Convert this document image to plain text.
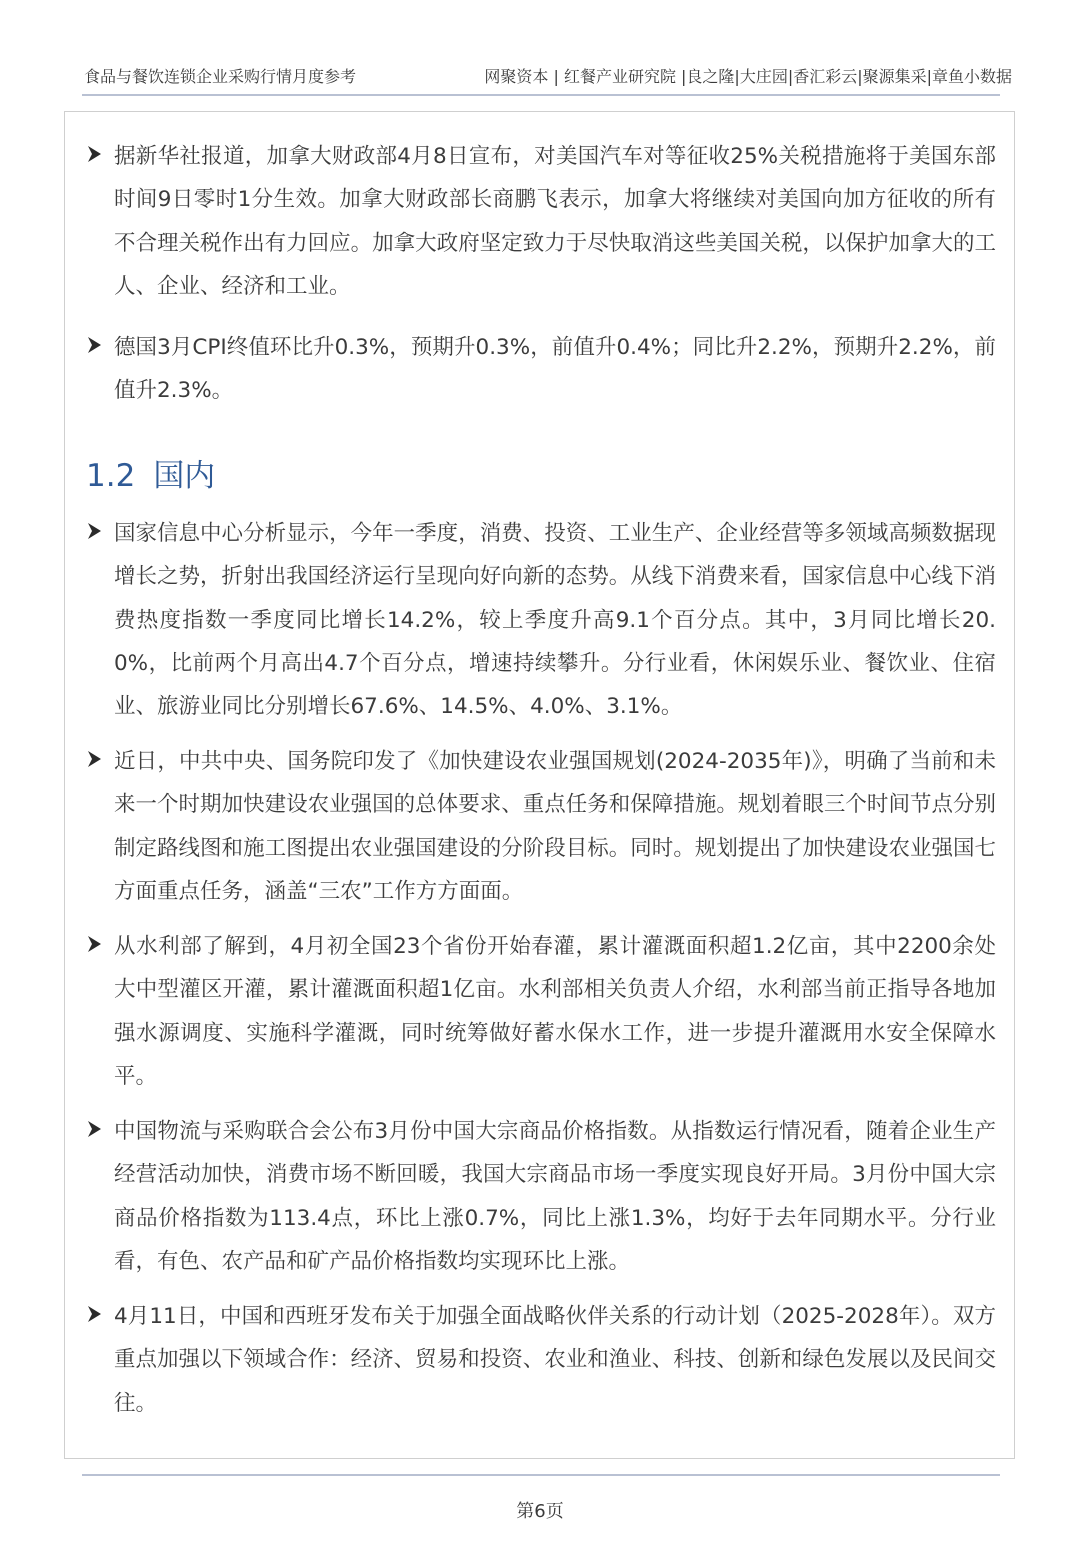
食品与餐饮连锁企业采购行情月度参考	网聚资本 | 红餐产业研究院 |良之隆|大庄园|香汇彩云|聚源集采|章鱼小数据

据新华社报道，加拿大财政部4月8日宣布，对美国汽车对等征收25%关税措施将于美国东部时间9日零时1分生效。加拿大财政部长商鹏飞表示，加拿大将继续对美国向加方征收的所有不合理关税作出有力回应。加拿大政府坚定致力于尽快取消这些美国关税，以保护加拿大的工人、企业、经济和工业。

德国3月CPI终值环比升0.3%，预期升0.3%，前值升0.4%；同比升2.2%，预期升2.2%，前值升2.3%。

1.2 国内

国家信息中心分析显示，今年一季度，消费、投资、工业生产、企业经营等多领域高频数据现增长之势，折射出我国经济运行呈现向好向新的态势。从线下消费来看，国家信息中心线下消费热度指数一季度同比增长14.2%，较上季度升高9.1个百分点。其中，3月同比增长20.0%，比前两个月高出4.7个百分点，增速持续攀升。分行业看，休闲娱乐业、餐饮业、住宿业、旅游业同比分别增长67.6%、14.5%、4.0%、3.1%。

近日，中共中央、国务院印发了《加快建设农业强国规划(2024-2035年)》，明确了当前和未来一个时期加快建设农业强国的总体要求、重点任务和保障措施。规划着眼三个时间节点分别制定路线图和施工图提出农业强国建设的分阶段目标。同时。规划提出了加快建设农业强国七方面重点任务，涵盖“三农”工作方方面面。

从水利部了解到，4月初全国23个省份开始春灌，累计灌溉面积超1.2亿亩，其中2200余处大中型灌区开灌，累计灌溉面积超1亿亩。水利部相关负责人介绍，水利部当前正指导各地加强水源调度、实施科学灌溉，同时统筹做好蓄水保水工作，进一步提升灌溉用水安全保障水平。

中国物流与采购联合会公布3月份中国大宗商品价格指数。从指数运行情况看，随着企业生产经营活动加快，消费市场不断回暖，我国大宗商品市场一季度实现良好开局。3月份中国大宗商品价格指数为113.4点，环比上涨0.7%，同比上涨1.3%，均好于去年同期水平。分行业看，有色、农产品和矿产品价格指数均实现环比上涨。

4月11日，中国和西班牙发布关于加强全面战略伙伴关系的行动计划（2025-2028年）。双方重点加强以下领域合作：经济、贸易和投资、农业和渔业、科技、创新和绿色发展以及民间交往。

第6页
